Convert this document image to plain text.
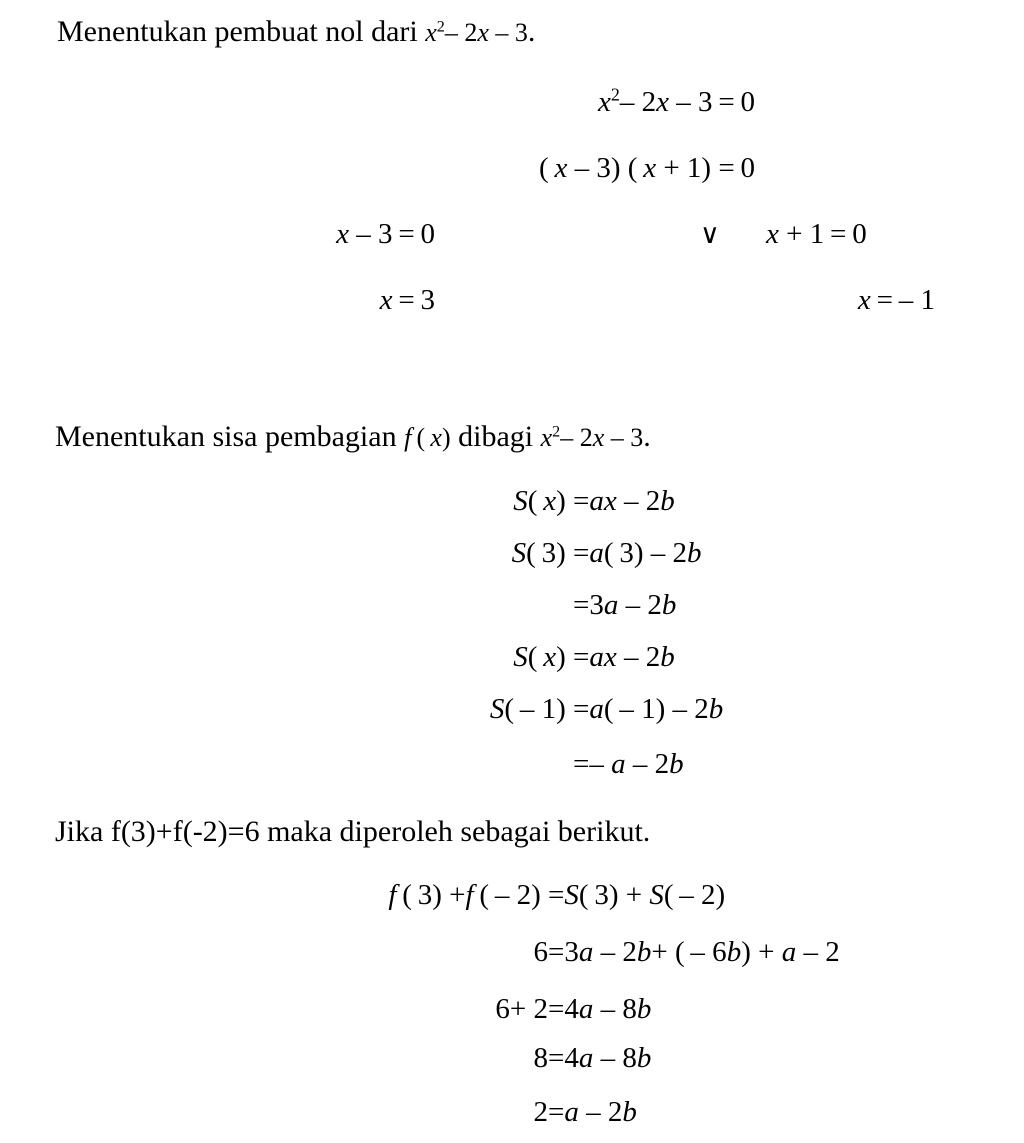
Menentukan pembuat nol dari $x^2-$ 2x – 3.
$x^2-$ 2x – 3 = 0
( x – 3) ( x + 1) = 0
x – 3 = 0	∨ x + 1 = 0
x = 3	x = – 1
Menentukan sisa pembagian f ( x) dibagi $x^2-$ 2x – 3.
S( x) =ax – 2b
S( 3) =a( 3) – 2b
=3a – 2b
S( x) =ax – 2b
S( – 1) =a( – 1) – 2b
=– a – 2b
Jika f(3)+f(-2)=6 maka diperoleh sebagai berikut.
f ( 3) +f ( – 2) =S( 3) + S( – 2)
6 =3a – 2b+ ( – 6b) + a – 2
6+ 2 =4a – 8b
8 =4a – 8b
2 =a – 2b
